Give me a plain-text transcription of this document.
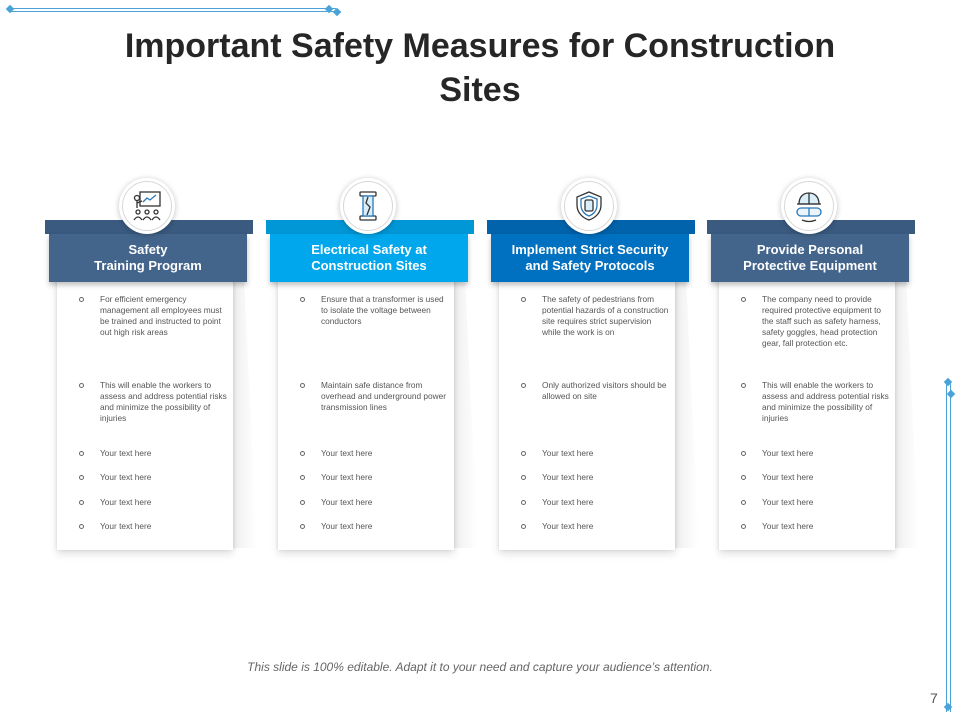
Important Safety Measures for Construction Sites
Safety
Training Program
For efficient emergency management all employees must be trained and instructed to point out high risk areas
This will enable the workers to assess and address potential risks and minimize the possibility of injuries
Your text here
Your text here
Your text here
Your text here
Electrical Safety at
Construction Sites
Ensure that a transformer is used to isolate the voltage between conductors
Maintain safe distance from overhead and underground power transmission lines
Your text here
Your text here
Your text here
Your text here
Implement Strict Security
and Safety Protocols
The safety of pedestrians from potential hazards of a construction site requires strict supervision while the work is on
Only authorized visitors should be allowed on site
Your text here
Your text here
Your text here
Your text here
Provide Personal
Protective Equipment
The company need to provide required protective equipment to the staff such as safety harness, safety goggles, head protection gear, fall protection etc.
This will enable the workers to assess and address potential risks and minimize the possibility of injuries
Your text here
Your text here
Your text here
Your text here
This slide is 100% editable. Adapt it to your need and capture your audience’s attention.
7
